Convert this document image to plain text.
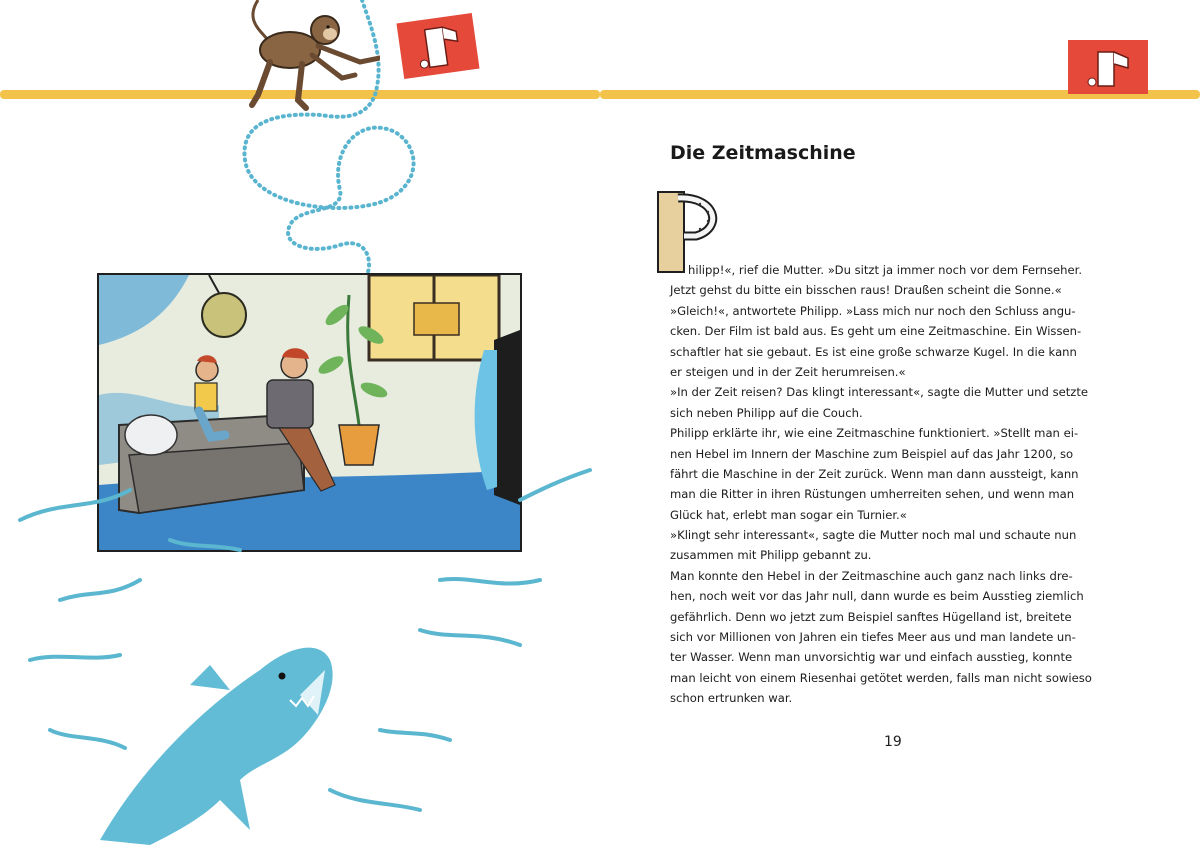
Die Zeitmaschine
hilipp!«, rief die Mutter. »Du sitzt ja immer noch vor dem Fernseher.
Jetzt gehst du bitte ein bisschen raus! Draußen scheint die Sonne.«
»Gleich!«, antwortete Philipp. »Lass mich nur noch den Schluss angu-
cken. Der Film ist bald aus. Es geht um eine Zeitmaschine. Ein Wissen-
schaftler hat sie gebaut. Es ist eine große schwarze Kugel. In die kann
er steigen und in der Zeit herumreisen.«
»In der Zeit reisen? Das klingt interessant«, sagte die Mutter und setzte
sich neben Philipp auf die Couch.
Philipp erklärte ihr, wie eine Zeitmaschine funktioniert. »Stellt man ei-
nen Hebel im Innern der Maschine zum Beispiel auf das Jahr 1200, so
fährt die Maschine in der Zeit zurück. Wenn man dann aussteigt, kann
man die Ritter in ihren Rüstungen umherreiten sehen, und wenn man
Glück hat, erlebt man sogar ein Turnier.«
»Klingt sehr interessant«, sagte die Mutter noch mal und schaute nun
zusammen mit Philipp gebannt zu.
Man konnte den Hebel in der Zeitmaschine auch ganz nach links dre-
hen, noch weit vor das Jahr null, dann wurde es beim Ausstieg ziemlich
gefährlich. Denn wo jetzt zum Beispiel sanftes Hügelland ist, breitete
sich vor Millionen von Jahren ein tiefes Meer aus und man landete un-
ter Wasser. Wenn man unvorsichtig war und einfach ausstieg, konnte
man leicht von einem Riesenhai getötet werden, falls man nicht sowieso
schon ertrunken war.
19
